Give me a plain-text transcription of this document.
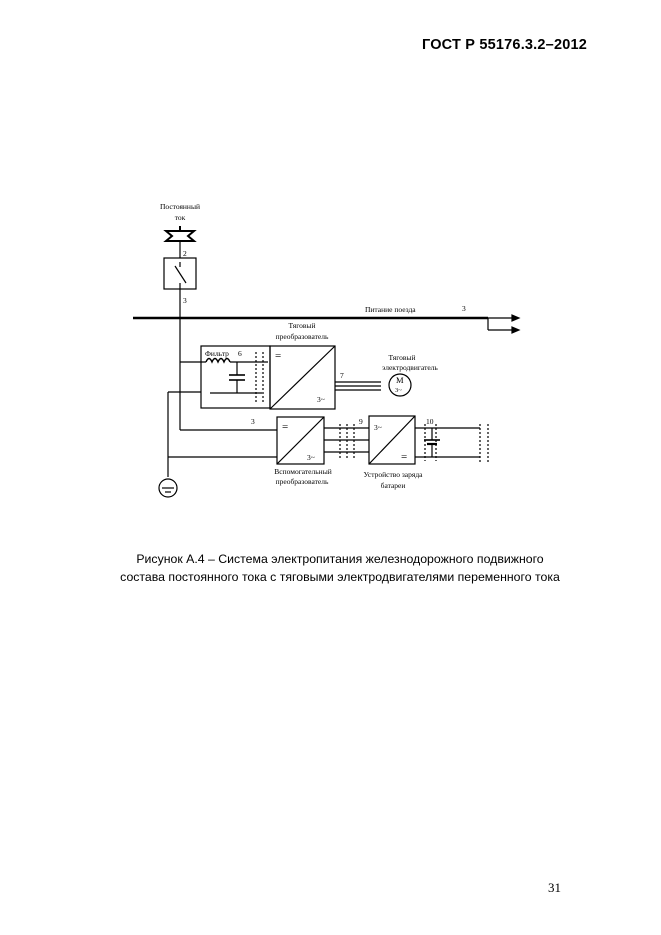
ГОСТ Р 55176.3.2–2012
Постоянный
ток
2
3
Питание поезда	3
Тяговый
преобразователь
Фильтр 6	=
3~
Тяговый
электродвигатель
7	M
3~
3 =
3~
9
3~
=
10
Вспомогательный
преобразователь
Устройство заряда
батареи
Рисунок А.4 – Система электропитания железнодорожного подвижного
состава постоянного тока с тяговыми электродвигателями переменного тока
31
